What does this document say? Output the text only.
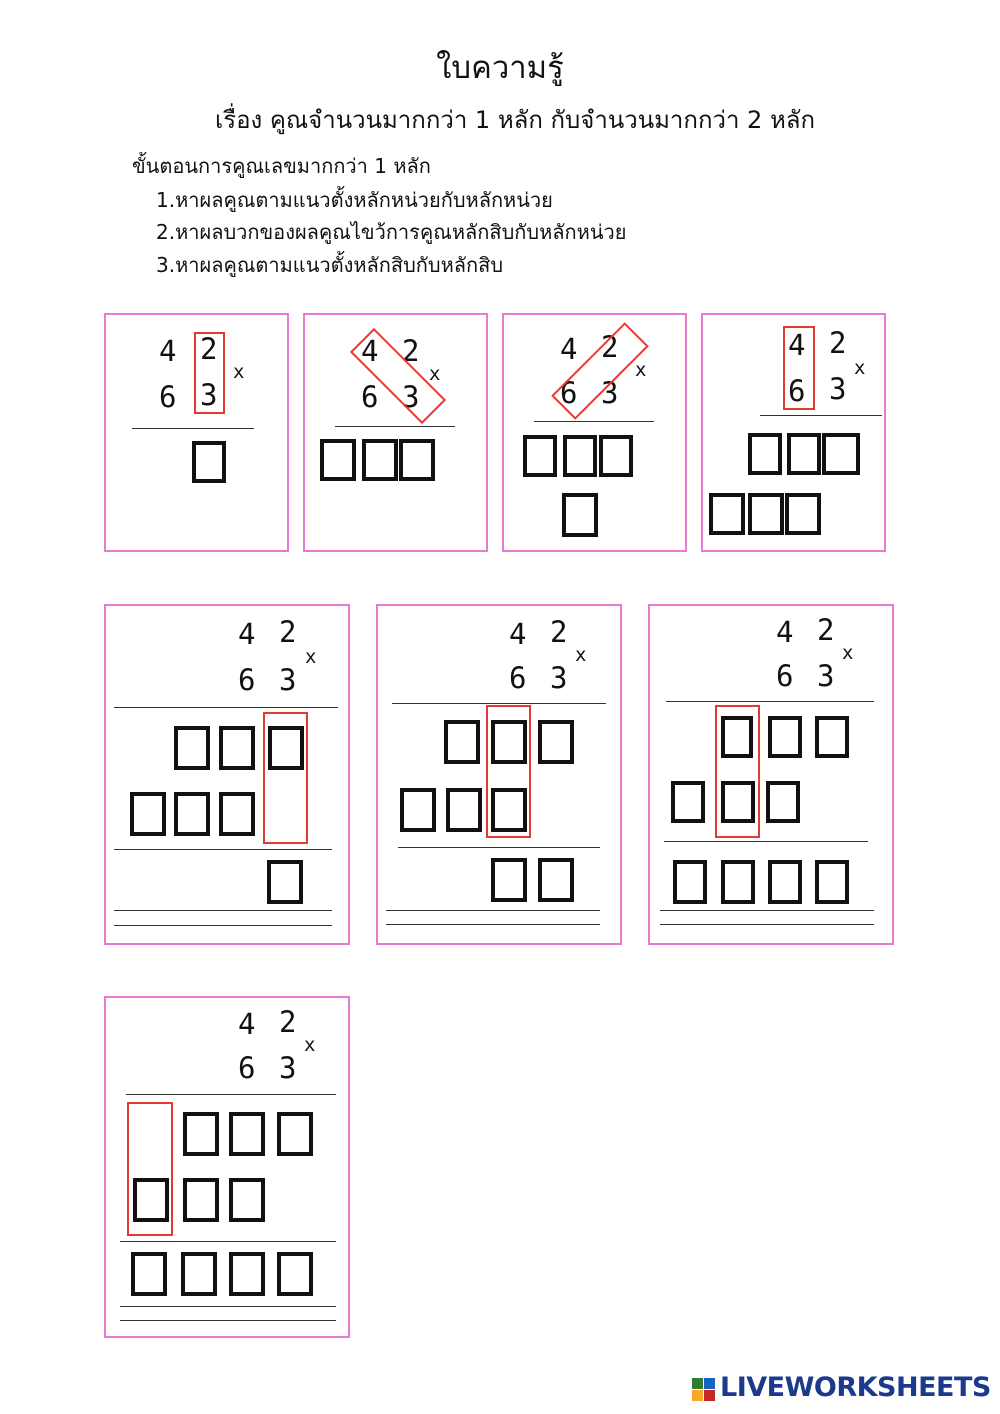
ใบความรู้
เรื่อง คูณจำนวนมากกว่า 1 หลัก กับจำนวนมากกว่า 2 หลัก
ขั้นตอนการคูณเลขมากกว่า 1 หลัก
1.หาผลคูณตามแนวตั้งหลักหน่วยกับหลักหน่วย
2.หาผลบวกของผลคูณไขว้การคูณหลักสิบกับหลักหน่วย
3.หาผลคูณตามแนวตั้งหลักสิบกับหลักสิบ
4 2
6 3
x
4 2
6 3
x
4 2
6 3
x
4 2
6 3
x
4 2
6 3
x
4 2
6 3
x
4 2
6 3
x
4 2
6 3
x
LIVEWORKSHEETS
